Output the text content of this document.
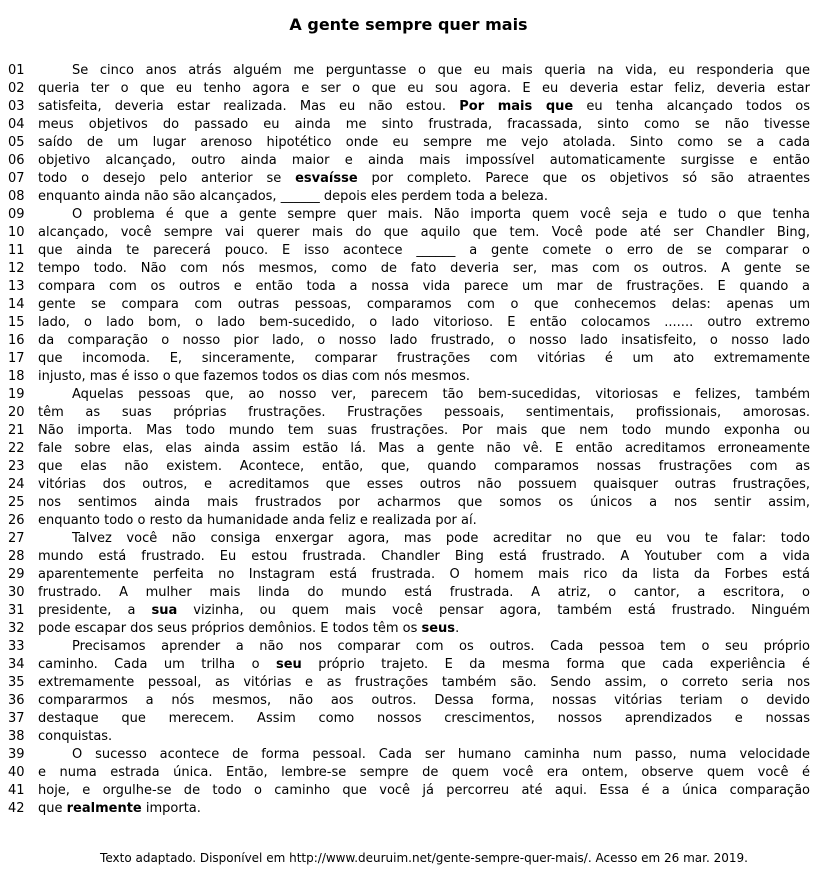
A gente sempre quer mais
01	Se cinco anos atrás alguém me perguntasse o que eu mais queria na vida, eu responderia que
02	queria ter o que eu tenho agora e ser o que eu sou agora. E eu deveria estar feliz, deveria estar
03	satisfeita, deveria estar realizada. Mas eu não estou. Por mais que eu tenha alcançado todos os
04	meus objetivos do passado eu ainda me sinto frustrada, fracassada, sinto como se não tivesse
05	saído de um lugar arenoso hipotético onde eu sempre me vejo atolada. Sinto como se a cada
06	objetivo alcançado, outro ainda maior e ainda mais impossível automaticamente surgisse e então
07	todo o desejo pelo anterior se esvaísse por completo. Parece que os objetivos só são atraentes
08	enquanto ainda não são alcançados, ______ depois eles perdem toda a beleza.
09	O problema é que a gente sempre quer mais. Não importa quem você seja e tudo o que tenha
10	alcançado, você sempre vai querer mais do que aquilo que tem. Você pode até ser Chandler Bing,
11	que ainda te parecerá pouco. E isso acontece ______ a gente comete o erro de se comparar o
12	tempo todo. Não com nós mesmos, como de fato deveria ser, mas com os outros. A gente se
13	compara com os outros e então toda a nossa vida parece um mar de frustrações. E quando a
14	gente se compara com outras pessoas, comparamos com o que conhecemos delas: apenas um
15	lado, o lado bom, o lado bem-sucedido, o lado vitorioso. E então colocamos ....... outro extremo
16	da comparação o nosso pior lado, o nosso lado frustrado, o nosso lado insatisfeito, o nosso lado
17	que incomoda. E, sinceramente, comparar frustrações com vitórias é um ato extremamente
18	injusto, mas é isso o que fazemos todos os dias com nós mesmos.
19	Aquelas pessoas que, ao nosso ver, parecem tão bem-sucedidas, vitoriosas e felizes, também
20	têm as suas próprias frustrações. Frustrações pessoais, sentimentais, profissionais, amorosas.
21	Não importa. Mas todo mundo tem suas frustrações. Por mais que nem todo mundo exponha ou
22	fale sobre elas, elas ainda assim estão lá. Mas a gente não vê. E então acreditamos erroneamente
23	que elas não existem. Acontece, então, que, quando comparamos nossas frustrações com as
24	vitórias dos outros, e acreditamos que esses outros não possuem quaisquer outras frustrações,
25	nos sentimos ainda mais frustrados por acharmos que somos os únicos a nos sentir assim,
26	enquanto todo o resto da humanidade anda feliz e realizada por aí.
27	Talvez você não consiga enxergar agora, mas pode acreditar no que eu vou te falar: todo
28	mundo está frustrado. Eu estou frustrada. Chandler Bing está frustrado. A Youtuber com a vida
29	aparentemente perfeita no Instagram está frustrada. O homem mais rico da lista da Forbes está
30	frustrado. A mulher mais linda do mundo está frustrada. A atriz, o cantor, a escritora, o
31	presidente, a sua vizinha, ou quem mais você pensar agora, também está frustrado. Ninguém
32	pode escapar dos seus próprios demônios. E todos têm os seus.
33	Precisamos aprender a não nos comparar com os outros. Cada pessoa tem o seu próprio
34	caminho. Cada um trilha o seu próprio trajeto. E da mesma forma que cada experiência é
35	extremamente pessoal, as vitórias e as frustrações também são. Sendo assim, o correto seria nos
36	compararmos a nós mesmos, não aos outros. Dessa forma, nossas vitórias teriam o devido
37	destaque que merecem. Assim como nossos crescimentos, nossos aprendizados e nossas
38	conquistas.
39	O sucesso acontece de forma pessoal. Cada ser humano caminha num passo, numa velocidade
40	e numa estrada única. Então, lembre-se sempre de quem você era ontem, observe quem você é
41	hoje, e orgulhe-se de todo o caminho que você já percorreu até aqui. Essa é a única comparação
42	que realmente importa.
Texto adaptado. Disponível em http://www.deuruim.net/gente-sempre-quer-mais/. Acesso em 26 mar. 2019.
